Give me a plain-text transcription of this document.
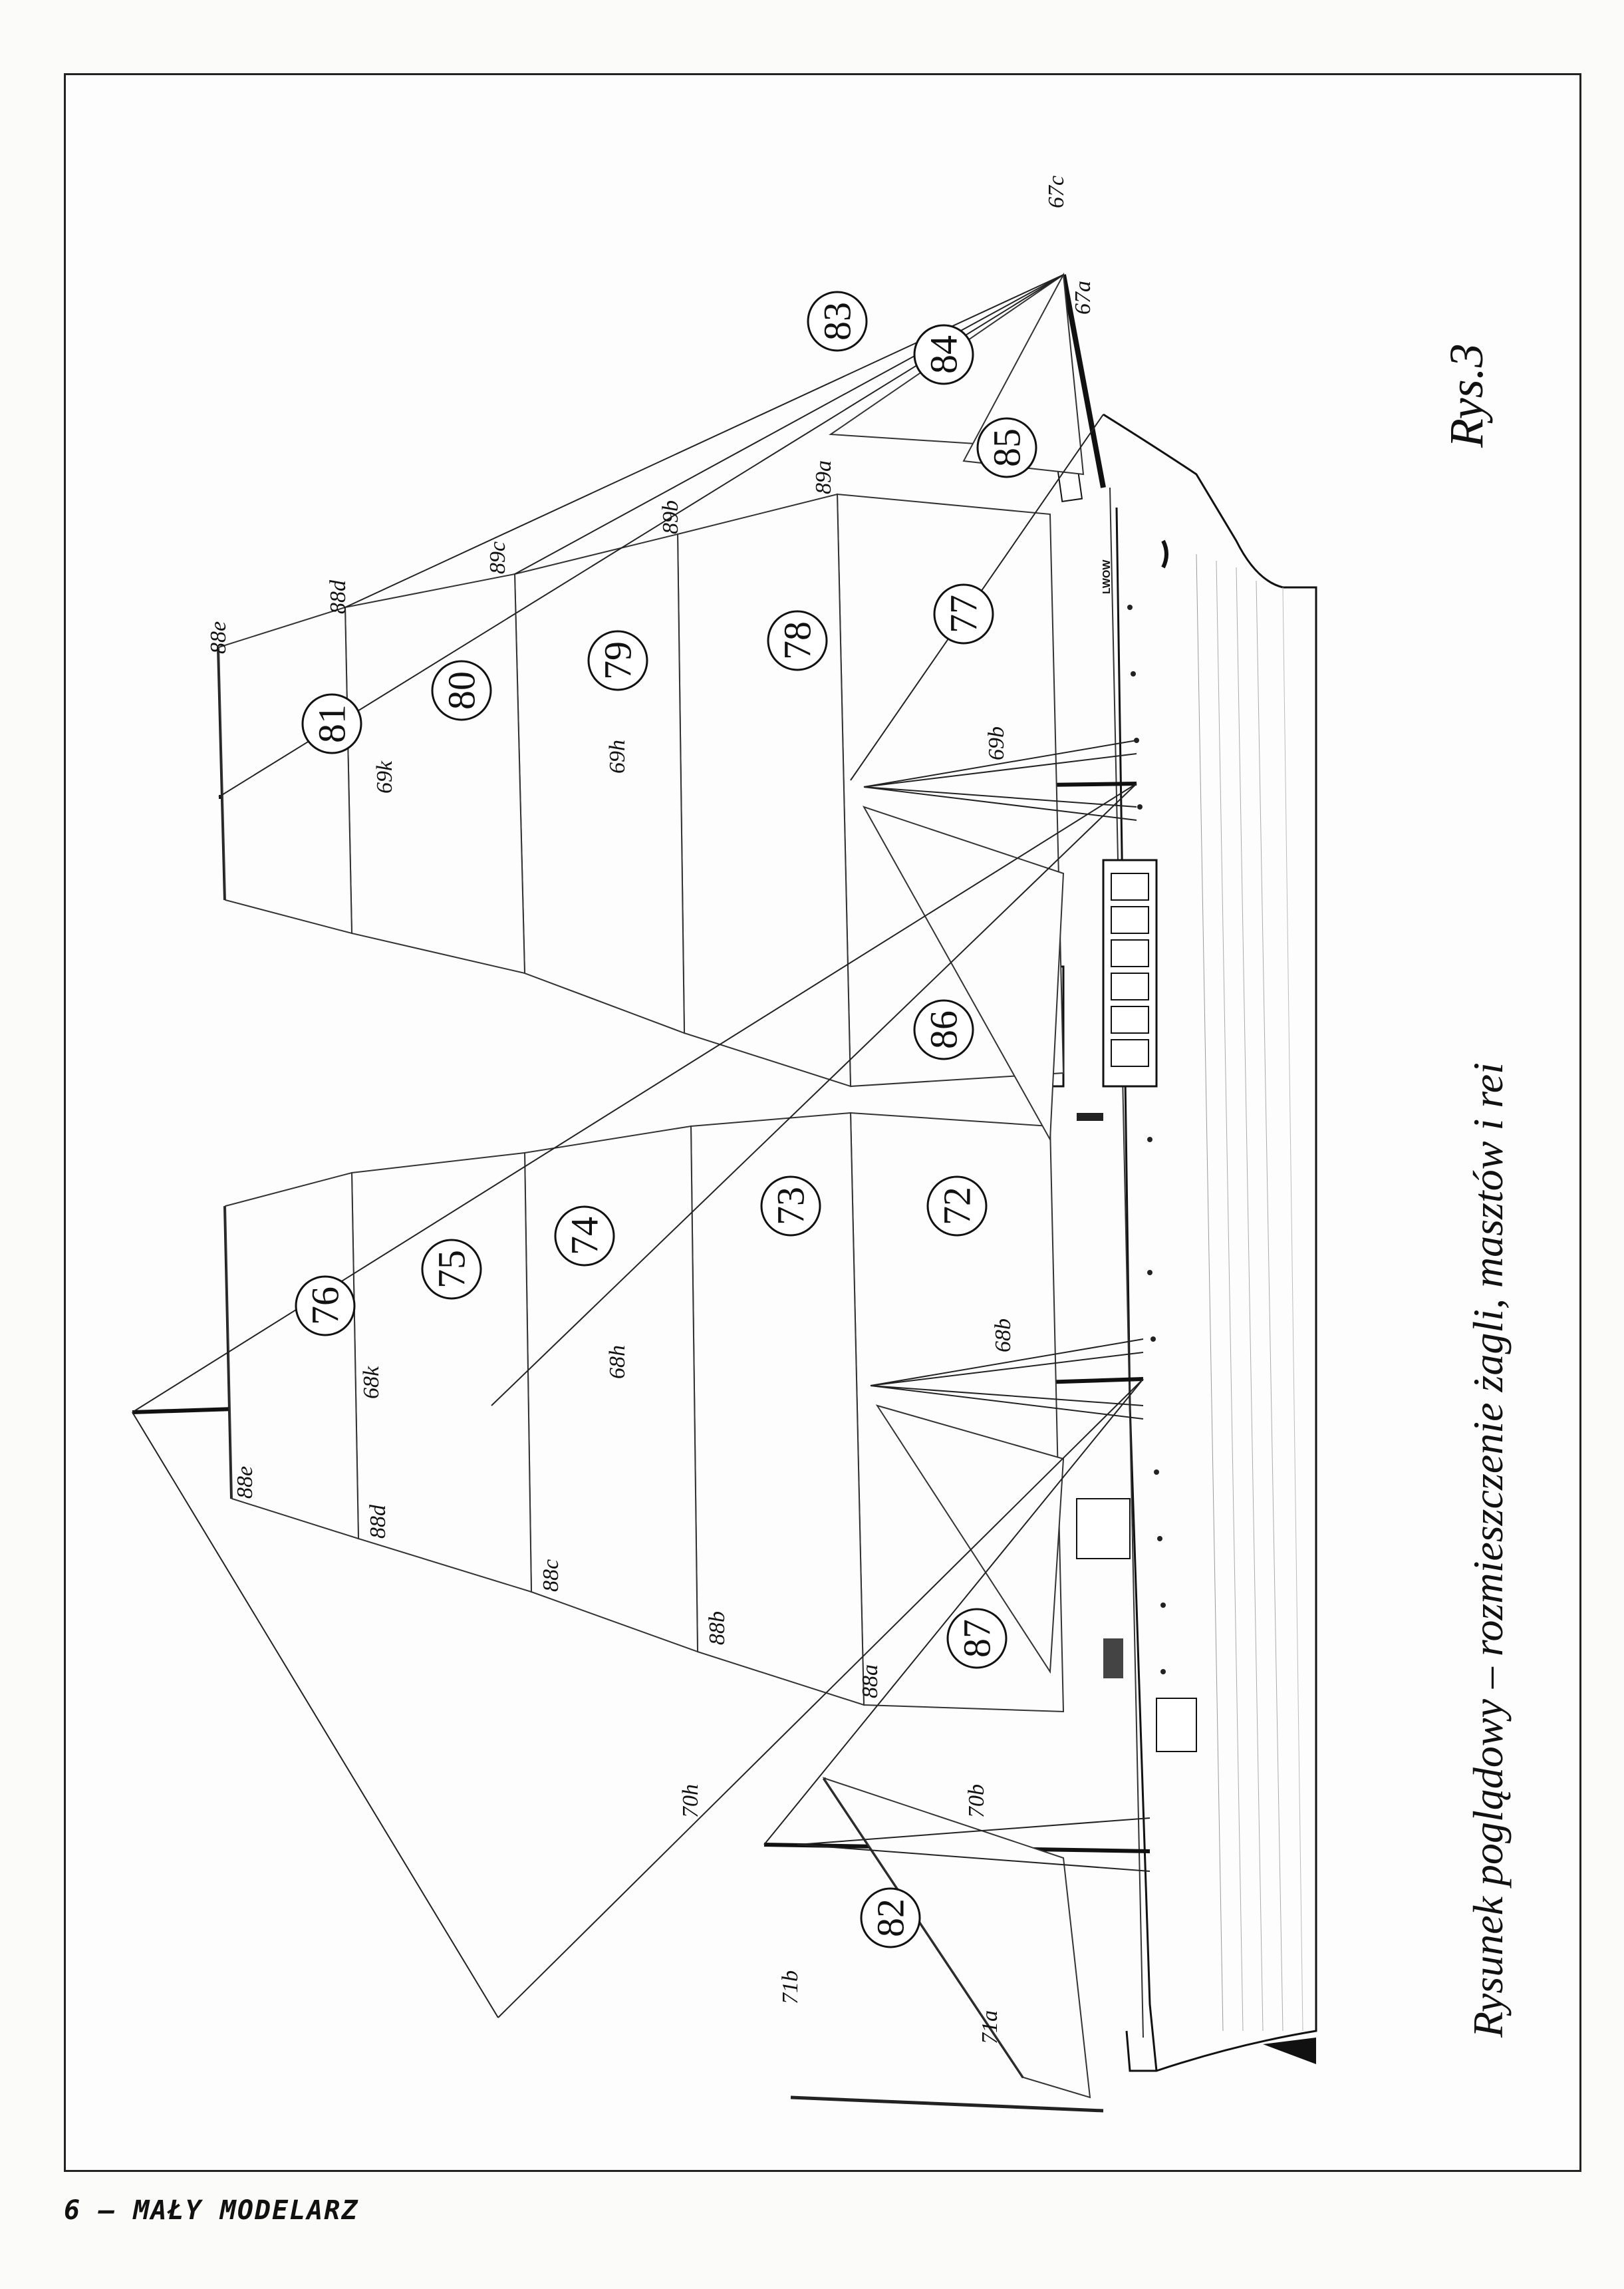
72
73
74
75
76
77
78
79
80
81
82
83
84
85
86
87
88a
88b
88c
88d
88e
89a
89b
89c
88d
88e
68b
68h
68k
69b
69h
69k
70b
70h
71a
71b
67c
67a
LWOW
Rys.3
Rysunek poglądowy – rozmieszczenie żagli, masztów i rei
6 — MAŁY MODELARZ
